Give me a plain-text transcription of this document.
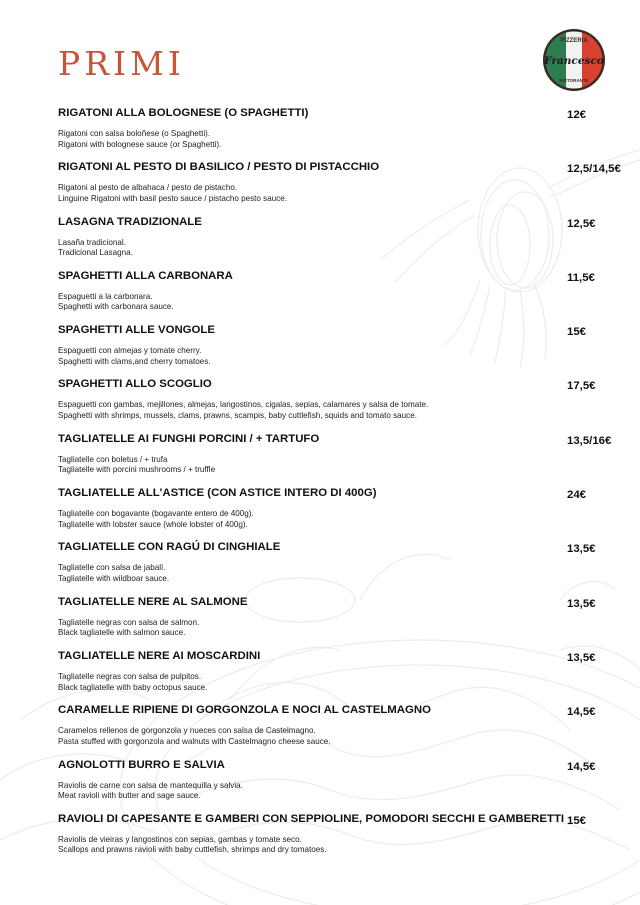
PRIMI
PIZZERIA
Francesco
RISTORANTE
RIGATONI ALLA BOLOGNESE (O SPAGHETTI)	12€
Rigatoni con salsa boloñese (o Spaghetti).
Rigatoni with bolognese sauce (or Spaghetti).
RIGATONI AL PESTO DI BASILICO / PESTO DI PISTACCHIO	12,5/14,5€
Rigatoni al pesto de albahaca / pesto de pistacho.
Linguine Rigatoni with basil pesto sauce / pistacho pesto sauce.
LASAGNA TRADIZIONALE	12,5€
Lasaña tradicional.
Tradicional Lasagna.
SPAGHETTI ALLA CARBONARA	11,5€
Espaguetti a la carbonara.
Spaghetti with carbonara sauce.
SPAGHETTI ALLE VONGOLE	15€
Espaguetti con almejas y tomate cherry.
Spaghetti with clams,and cherry tomatoes.
SPAGHETTI ALLO SCOGLIO	17,5€
Espaguetti con gambas, mejillones, almejas, langostinos, cigalas, sepias, calamares y salsa de tomate.
Spaghetti with shrimps, mussels, clams, prawns, scampis, baby cuttlefish, squids and tomato sauce.
TAGLIATELLE AI FUNGHI PORCINI / + TARTUFO	13,5/16€
Tagliatelle con boletus / + trufa
Tagliatelle with porcini mushrooms / + truffle
TAGLIATELLE ALL'ASTICE (CON ASTICE INTERO DI 400G)	24€
Tagliatelle con bogavante (bogavante entero de 400g).
Tagliatelle with lobster sauce (whole lobster of 400g).
TAGLIATELLE CON RAGÚ DI CINGHIALE	13,5€
Tagliatelle con salsa de jabalí.
Tagliatelle with wildboar sauce.
TAGLIATELLE NERE AL SALMONE	13,5€
Tagliatelle negras con salsa de salmon.
Black tagliatelle with salmon sauce.
TAGLIATELLE NERE AI MOSCARDINI	13,5€
Tagliatelle negras con salsa de pulpitos.
Black tagliatelle with baby octopus sauce.
CARAMELLE RIPIENE DI GORGONZOLA E NOCI AL CASTELMAGNO	14,5€
Caramelos rellenos de gorgonzola y nueces con salsa de Castelmagno.
Pasta stuffed with gorgonzola and walnuts with Castelmagno cheese sauce.
AGNOLOTTI BURRO E SALVIA	14,5€
Raviolis de carne con salsa de mantequilla y salvia.
Meat ravioli with butter and sage sauce.
RAVIOLI DI CAPESANTE E GAMBERI CON SEPPIOLINE, POMODORI SECCHI E GAMBERETTI 15€
Raviolis de vieiras y langostinos con sepias, gambas y tomate seco.
Scallops and prawns ravioli with baby cuttlefish, shrimps and dry tomatoes.
